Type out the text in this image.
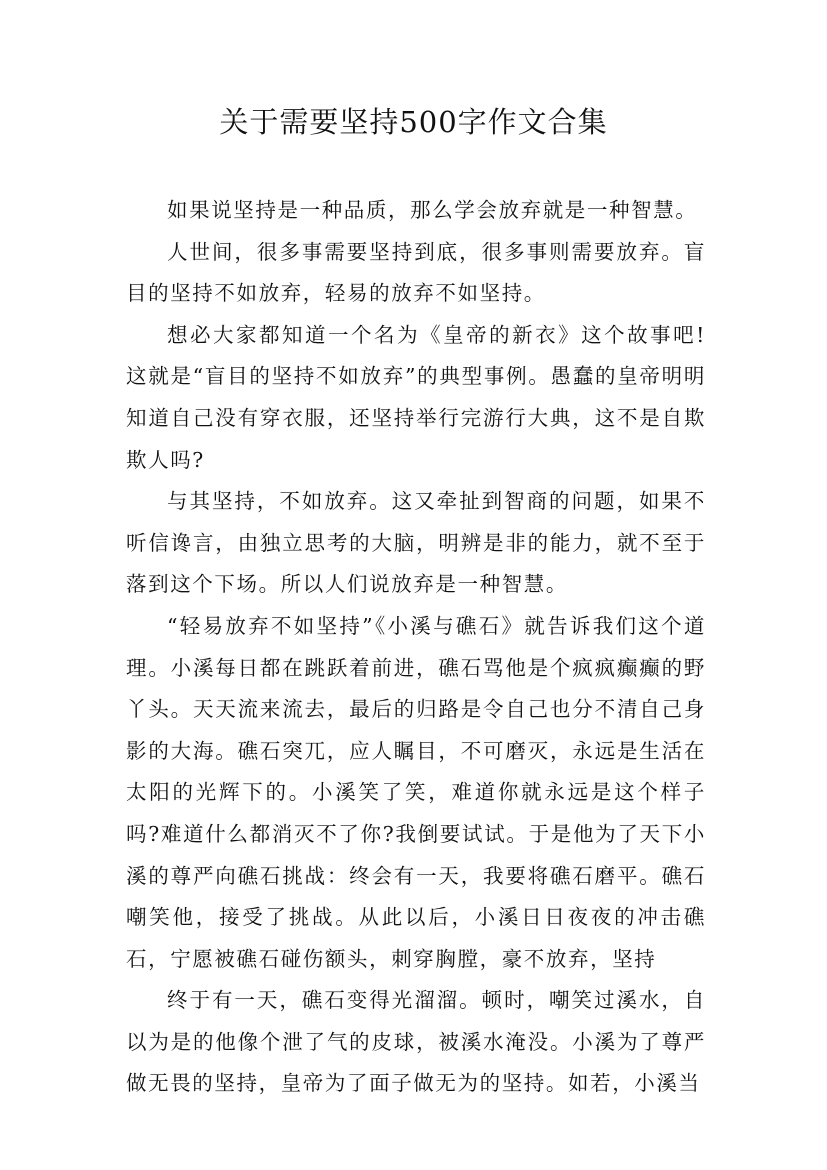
关于需要坚持500字作文合集

如果说坚持是一种品质，那么学会放弃就是一种智慧。

人世间，很多事需要坚持到底，很多事则需要放弃。盲目的坚持不如放弃，轻易的放弃不如坚持。

想必大家都知道一个名为《皇帝的新衣》这个故事吧!这就是“盲目的坚持不如放弃”的典型事例。愚蠢的皇帝明明知道自己没有穿衣服，还坚持举行完游行大典，这不是自欺欺人吗?

与其坚持，不如放弃。这又牵扯到智商的问题，如果不听信谗言，由独立思考的大脑，明辨是非的能力，就不至于落到这个下场。所以人们说放弃是一种智慧。

“轻易放弃不如坚持”《小溪与礁石》就告诉我们这个道理。小溪每日都在跳跃着前进，礁石骂他是个疯疯癫癫的野丫头。天天流来流去，最后的归路是令自己也分不清自己身影的大海。礁石突兀，应人瞩目，不可磨灭，永远是生活在太阳的光辉下的。小溪笑了笑，难道你就永远是这个样子吗?难道什么都消灭不了你?我倒要试试。于是他为了天下小溪的尊严向礁石挑战：终会有一天，我要将礁石磨平。礁石嘲笑他，接受了挑战。从此以后，小溪日日夜夜的冲击礁石，宁愿被礁石碰伤额头，刺穿胸膛，豪不放弃，坚持

终于有一天，礁石变得光溜溜。顿时，嘲笑过溪水，自以为是的他像个泄了气的皮球，被溪水淹没。小溪为了尊严做无畏的坚持，皇帝为了面子做无为的坚持。如若，小溪当
